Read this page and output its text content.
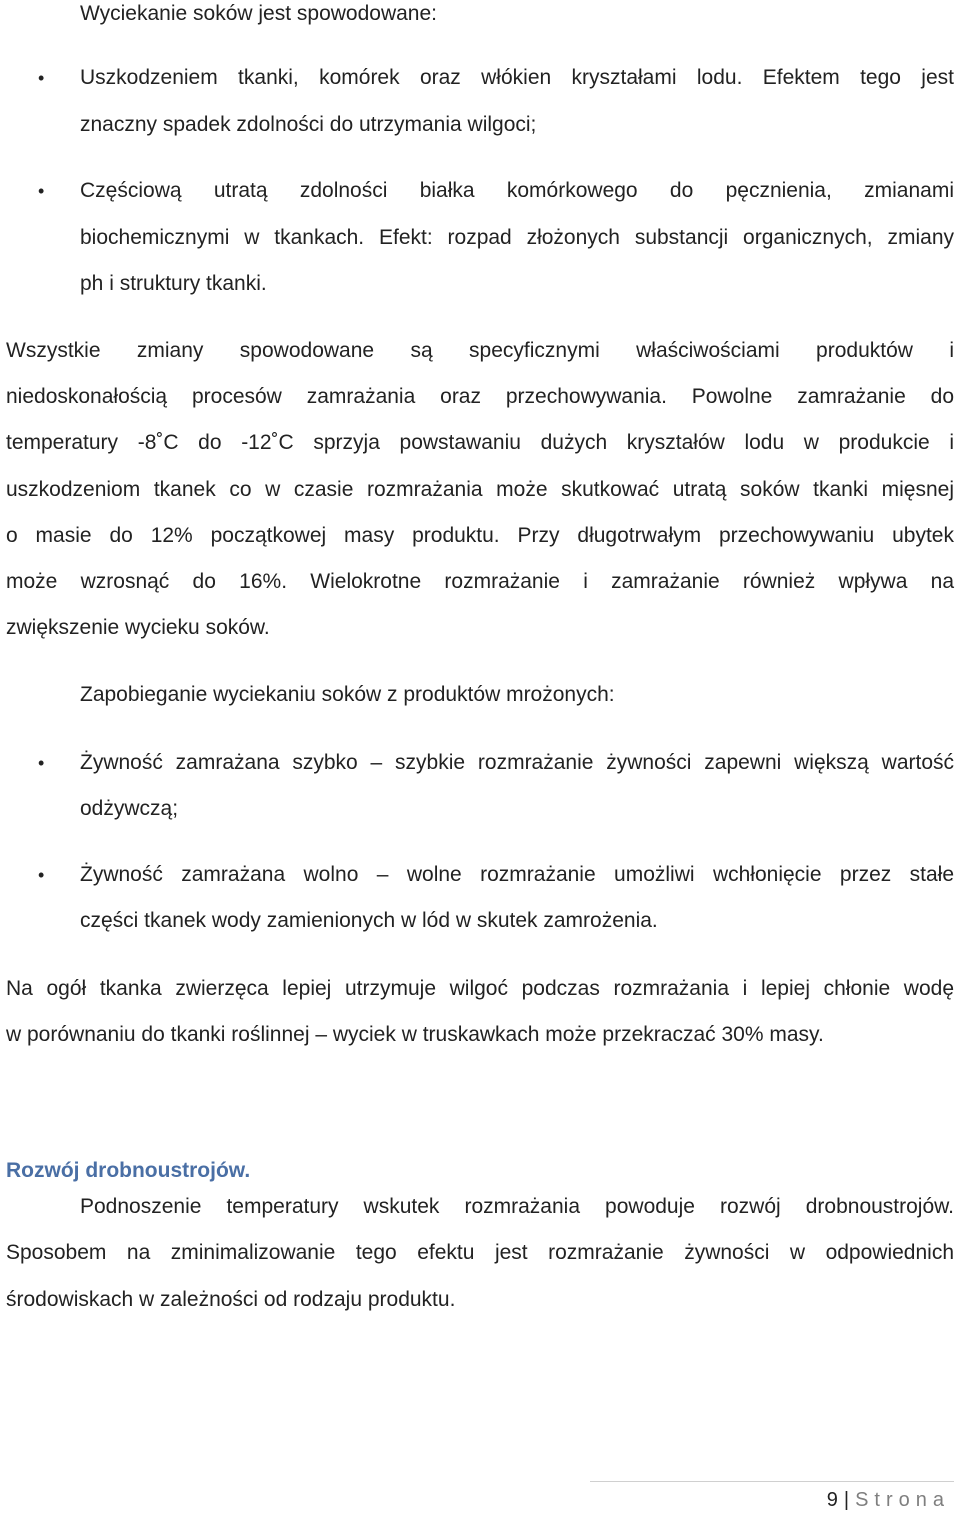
Wyciekanie soków jest spowodowane:

• Uszkodzeniem tkanki, komórek oraz włókien kryształami lodu. Efektem tego jest

znaczny spadek zdolności do utrzymania wilgoci;

• Częściową utratą zdolności białka komórkowego do pęcznienia, zmianami

biochemicznymi w tkankach. Efekt: rozpad złożonych substancji organicznych, zmiany

ph i struktury tkanki.

Wszystkie zmiany spowodowane są specyficznymi właściwościami produktów i

niedoskonałością procesów zamrażania oraz przechowywania. Powolne zamrażanie do

temperatury -8˚C do -12˚C sprzyja powstawaniu dużych kryształów lodu w produkcie i

uszkodzeniom tkanek co w czasie rozmrażania może skutkować utratą soków tkanki mięsnej

o masie do 12% początkowej masy produktu. Przy długotrwałym przechowywaniu ubytek

może wzrosnąć do 16%. Wielokrotne rozmrażanie i zamrażanie również wpływa na

zwiększenie wycieku soków.

Zapobieganie wyciekaniu soków z produktów mrożonych:

• Żywność zamrażana szybko – szybkie rozmrażanie żywności zapewni większą wartość

odżywczą;

• Żywność zamrażana wolno – wolne rozmrażanie umożliwi wchłonięcie przez stałe

części tkanek wody zamienionych w lód w skutek zamrożenia.

Na ogół tkanka zwierzęca lepiej utrzymuje wilgoć podczas rozmrażania i lepiej chłonie wodę

w porównaniu do tkanki roślinnej – wyciek w truskawkach może przekraczać 30% masy.

Rozwój drobnoustrojów.

Podnoszenie temperatury wskutek rozmrażania powoduje rozwój drobnoustrojów.

Sposobem na zminimalizowanie tego efektu jest rozmrażanie żywności w odpowiednich

środowiskach w zależności od rodzaju produktu.

9 | Strona
